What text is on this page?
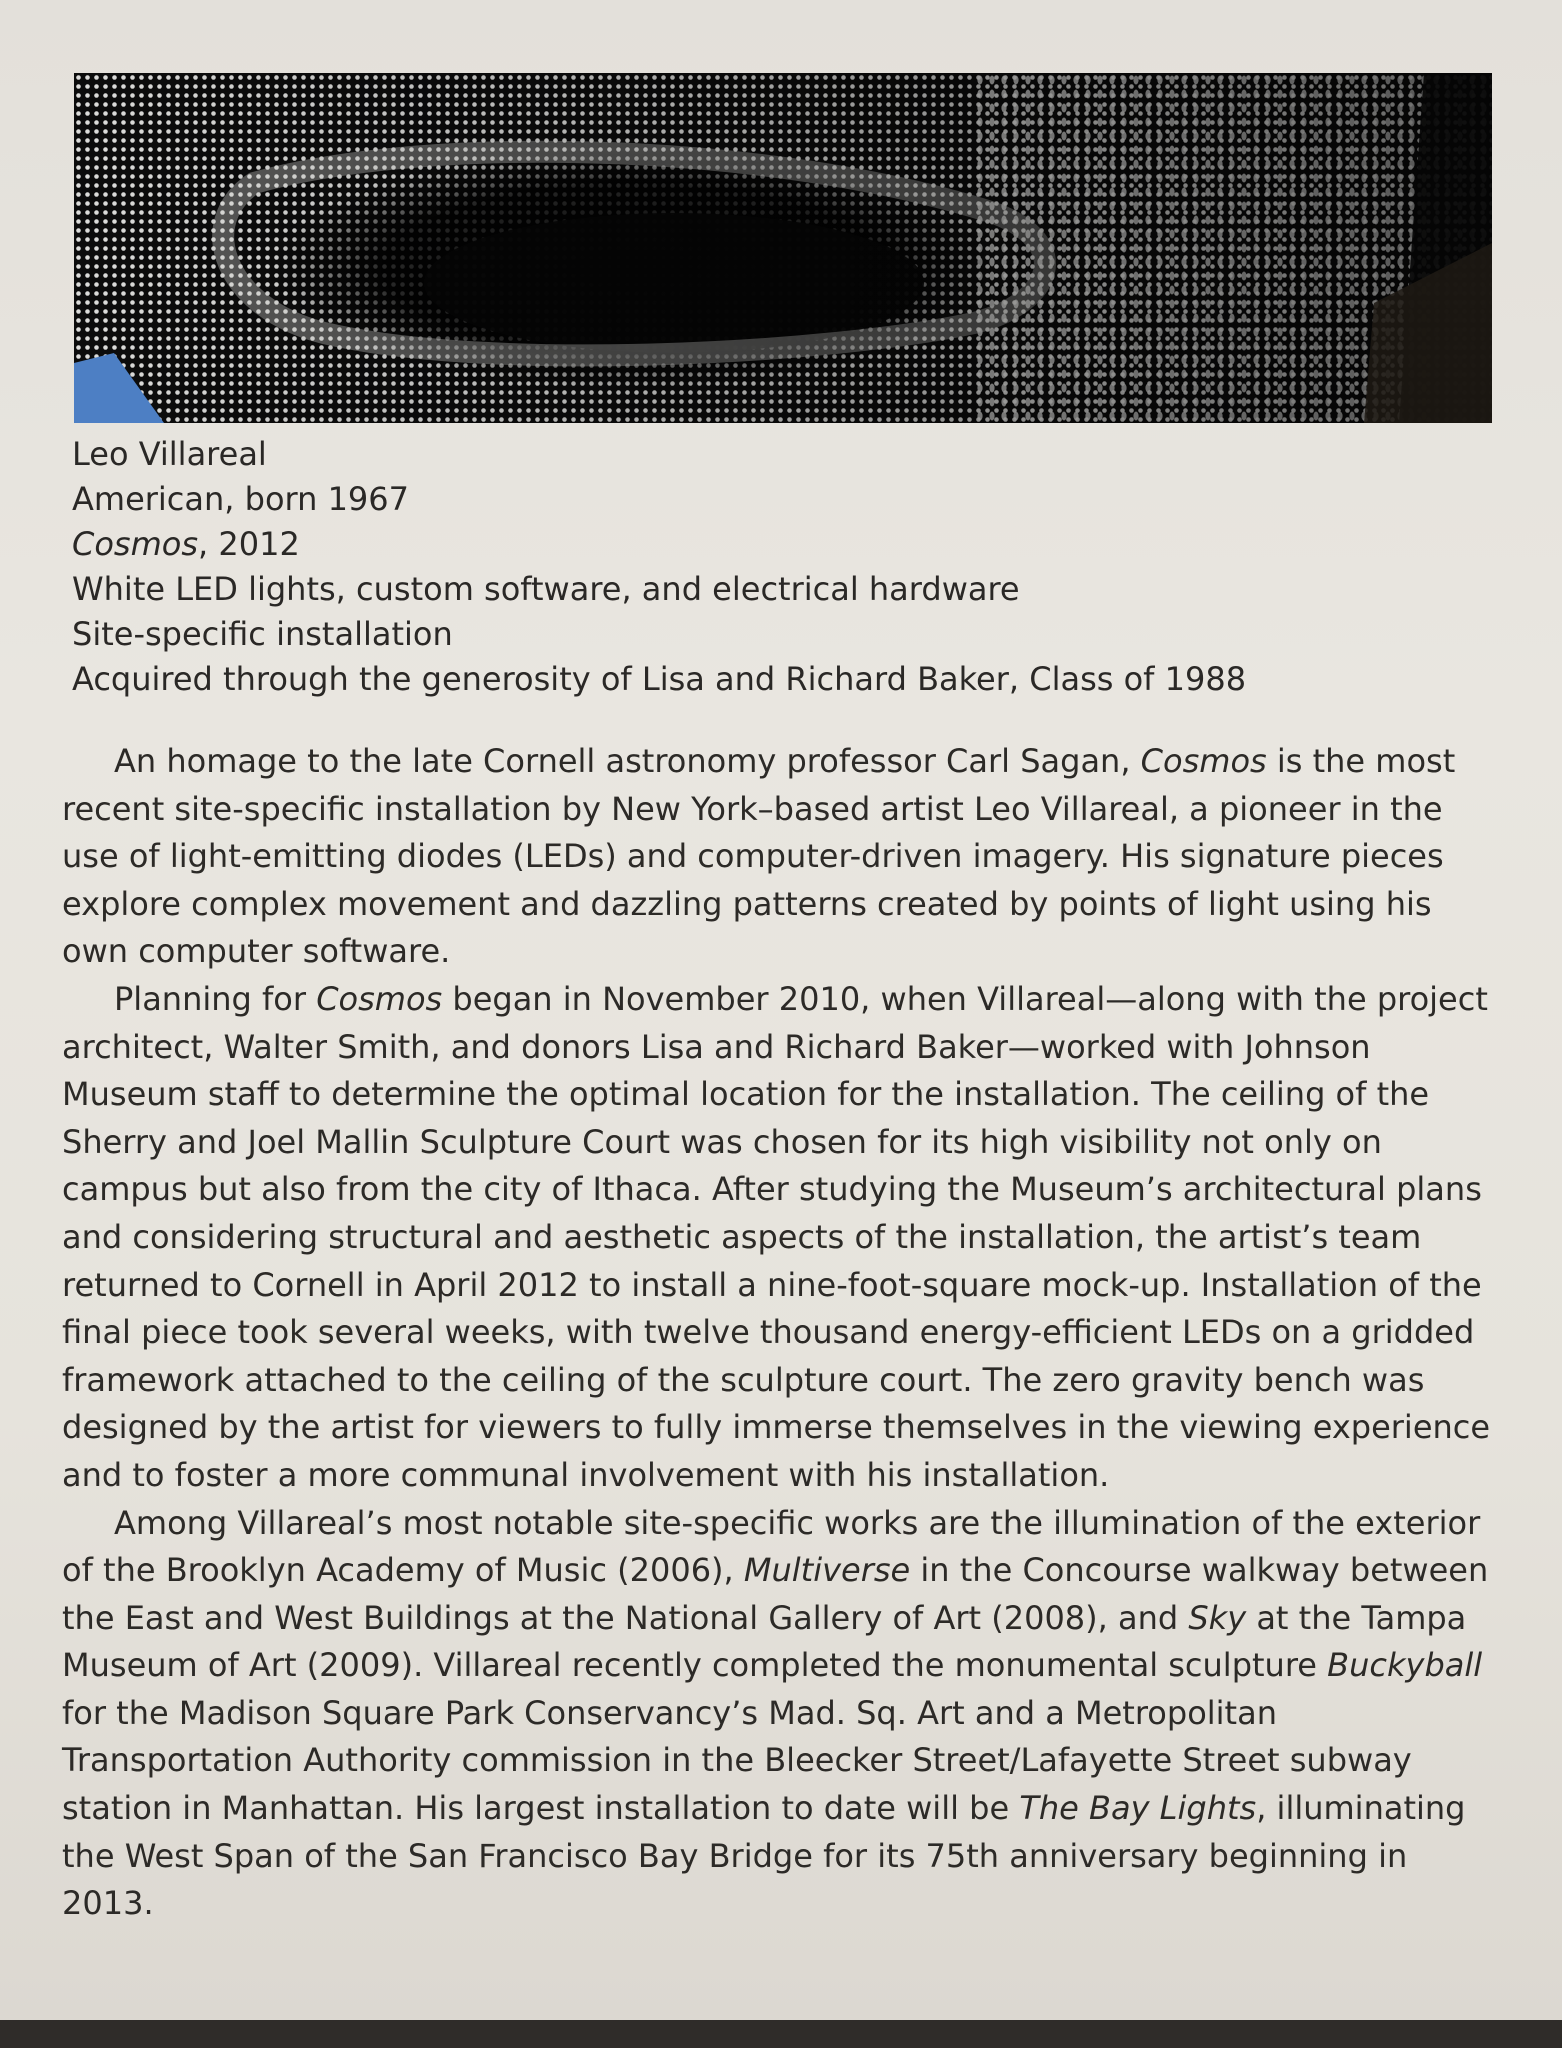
Leo Villareal
American, born 1967
Cosmos, 2012
White LED lights, custom software, and electrical hardware
Site-specific installation
Acquired through the generosity of Lisa and Richard Baker, Class of 1988

An homage to the late Cornell astronomy professor Carl Sagan, Cosmos is the most recent site-specific installation by New York–based artist Leo Villareal, a pioneer in the use of light-emitting diodes (LEDs) and computer-driven imagery. His signature pieces explore complex movement and dazzling patterns created by points of light using his own computer software.

Planning for Cosmos began in November 2010, when Villareal—along with the project architect, Walter Smith, and donors Lisa and Richard Baker—worked with Johnson Museum staff to determine the optimal location for the installation. The ceiling of the Sherry and Joel Mallin Sculpture Court was chosen for its high visibility not only on campus but also from the city of Ithaca. After studying the Museum’s architectural plans and considering structural and aesthetic aspects of the installation, the artist’s team returned to Cornell in April 2012 to install a nine-foot-square mock-up. Installation of the final piece took several weeks, with twelve thousand energy-efficient LEDs on a gridded framework attached to the ceiling of the sculpture court. The zero gravity bench was designed by the artist for viewers to fully immerse themselves in the viewing experience and to foster a more communal involvement with his installation.

Among Villareal’s most notable site-specific works are the illumination of the exterior of the Brooklyn Academy of Music (2006), Multiverse in the Concourse walkway between the East and West Buildings at the National Gallery of Art (2008), and Sky at the Tampa Museum of Art (2009). Villareal recently completed the monumental sculpture Buckyball for the Madison Square Park Conservancy’s Mad. Sq. Art and a Metropolitan Transportation Authority commission in the Bleecker Street/Lafayette Street subway station in Manhattan. His largest installation to date will be The Bay Lights, illuminating the West Span of the San Francisco Bay Bridge for its 75th anniversary beginning in 2013.
